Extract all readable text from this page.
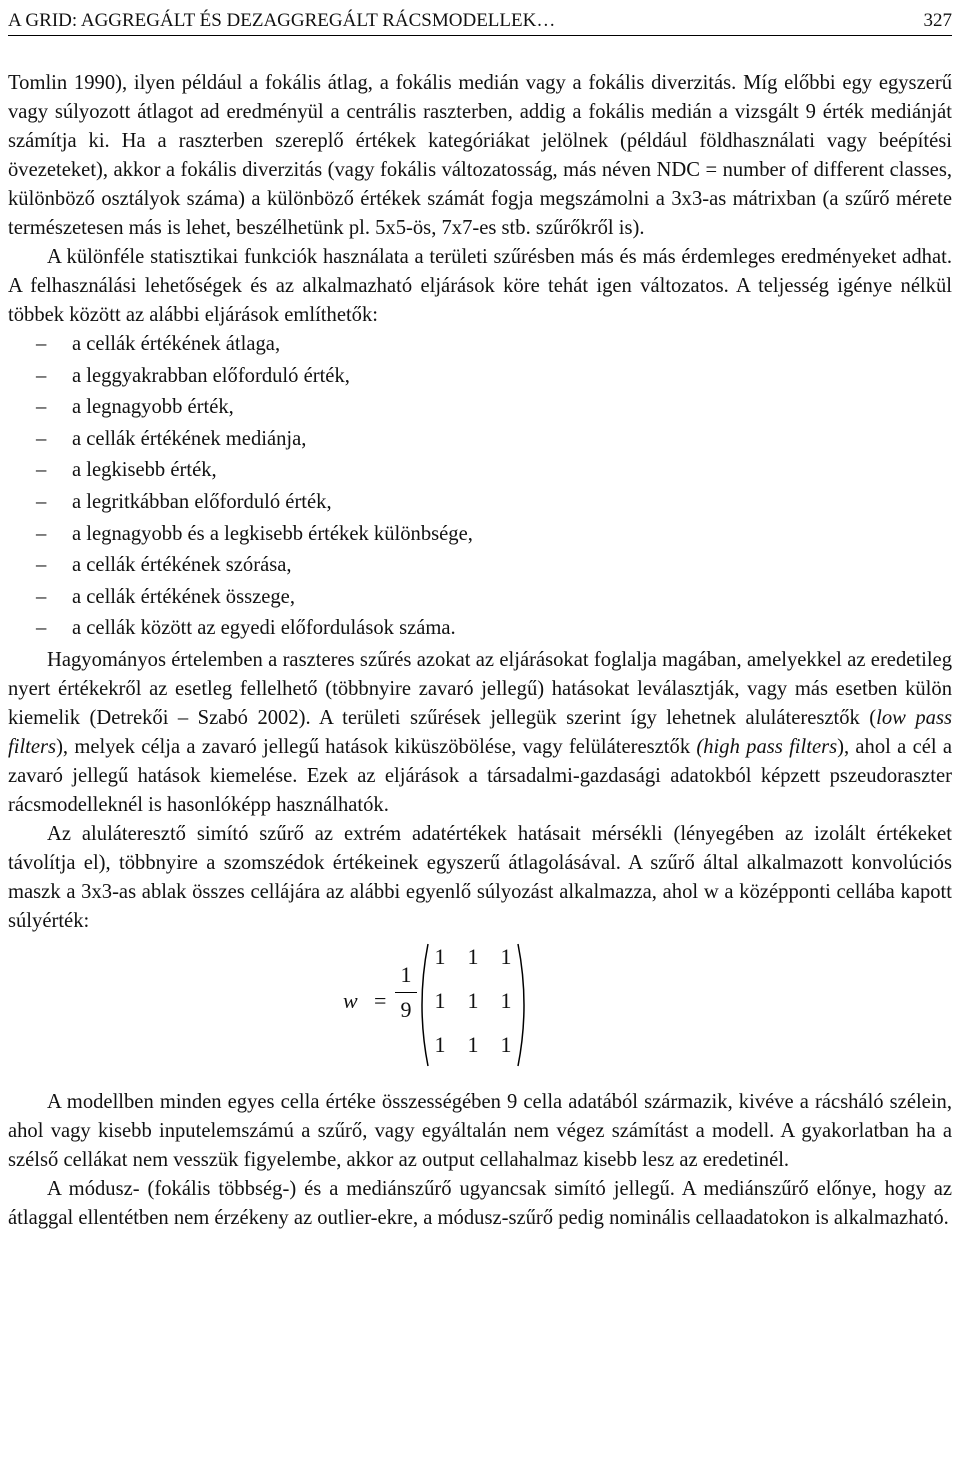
A GRID: AGGREGÁLT ÉS DEZAGGREGÁLT RÁCSMODELLEK…	327

Tomlin 1990), ilyen például a fokális átlag, a fokális medián vagy a fokális diverzitás. Míg előbbi egy egyszerű vagy súlyozott átlagot ad eredményül a centrális raszterben, addig a fokális medián a vizsgált 9 érték mediánját számítja ki. Ha a raszterben szereplő értékek kategóriákat jelölnek (például földhasználati vagy beépítési övezeteket), akkor a fokális diverzitás (vagy fokális változatosság, más néven NDC = number of different classes, különböző osztályok száma) a különböző értékek számát fogja megszámolni a 3x3-as mátrixban (a szűrő mérete természetesen más is lehet, beszélhetünk pl. 5x5-ös, 7x7-es stb. szűrőkről is).

A különféle statisztikai funkciók használata a területi szűrésben más és más érdemleges eredményeket adhat. A felhasználási lehetőségek és az alkalmazható eljárások köre tehát igen változatos. A teljesség igénye nélkül többek között az alábbi eljárások említhetők:

–	a cellák értékének átlaga,
–	a leggyakrabban előforduló érték,
–	a legnagyobb érték,
–	a cellák értékének mediánja,
–	a legkisebb érték,
–	a legritkábban előforduló érték,
–	a legnagyobb és a legkisebb értékek különbsége,
–	a cellák értékének szórása,
–	a cellák értékének összege,
–	a cellák között az egyedi előfordulások száma.

Hagyományos értelemben a raszteres szűrés azokat az eljárásokat foglalja magában, amelyekkel az eredetileg nyert értékekről az esetleg fellelhető (többnyire zavaró jellegű) hatásokat leválasztják, vagy más esetben külön kiemelik (Detrekői – Szabó 2002). A területi szűrések jellegük szerint így lehetnek aluláteresztők (low pass filters), melyek célja a zavaró jellegű hatások kiküszöbölése, vagy felüláteresztők (high pass filters), ahol a cél a zavaró jellegű hatások kiemelése. Ezek az eljárások a társadalmi-gazdasági adatokból képzett pszeudoraszter rácsmodelleknél is hasonlóképp használhatók.

Az aluláteresztő simító szűrő az extrém adatértékek hatásait mérsékli (lényegében az izolált értékeket távolítja el), többnyire a szomszédok értékeinek egyszerű átlagolásával. A szűrő által alkalmazott konvolúciós maszk a 3x3-as ablak összes cellájára az alábbi egyenlő súlyozást alkalmazza, ahol w a középponti cellába kapott súlyérték:

w =
1
9
1	1	1
1	1	1
1	1	1

A modellben minden egyes cella értéke összességében 9 cella adatából származik, kivéve a rácsháló szélein, ahol vagy kisebb inputelemszámú a szűrő, vagy egyáltalán nem végez számítást a modell. A gyakorlatban ha a szélső cellákat nem vesszük figyelembe, akkor az output cellahalmaz kisebb lesz az eredetinél.

A módusz- (fokális többség-) és a mediánszűrő ugyancsak simító jellegű. A mediánszűrő előnye, hogy az átlaggal ellentétben nem érzékeny az outlier-ekre, a módusz-szűrő pedig nominális cellaadatokon is alkalmazható.
